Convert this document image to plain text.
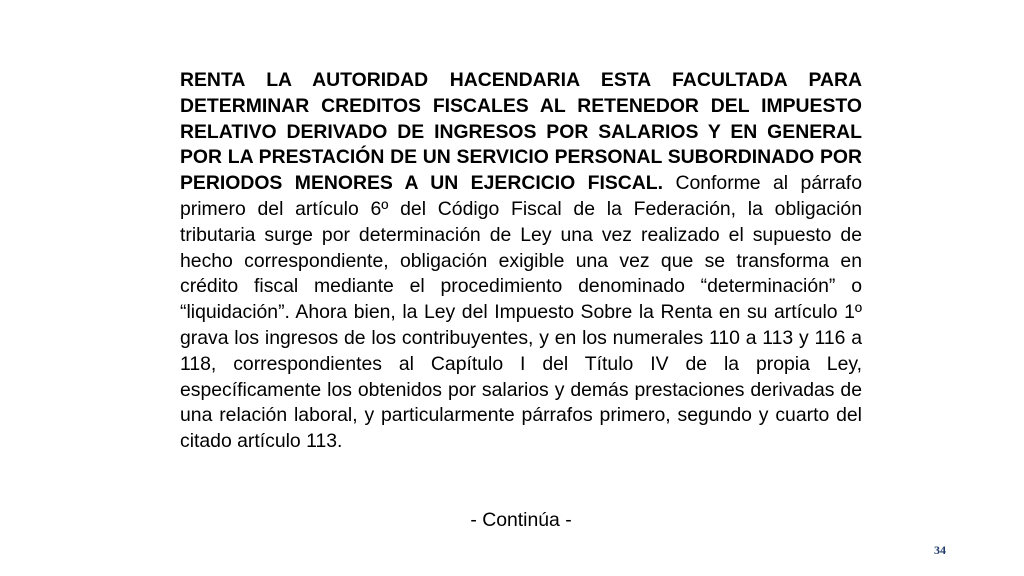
RENTA LA AUTORIDAD HACENDARIA ESTA FACULTADA PARA DETERMINAR CREDITOS FISCALES AL RETENEDOR DEL IMPUESTO RELATIVO DERIVADO DE INGRESOS POR SALARIOS Y EN GENERAL POR LA PRESTACIÓN DE UN SERVICIO PERSONAL SUBORDINADO POR PERIODOS MENORES A UN EJERCICIO FISCAL. Conforme al párrafo primero del artículo 6º del Código Fiscal de la Federación, la obligación tributaria surge por determinación de Ley una vez realizado el supuesto de hecho correspondiente, obligación exigible una vez que se transforma en crédito fiscal mediante el procedimiento denominado “determinación” o “liquidación”. Ahora bien, la Ley del Impuesto Sobre la Renta en su artículo 1º grava los ingresos de los contribuyentes, y en los numerales 110 a 113 y 116 a 118, correspondientes al Capítulo I del Título IV de la propia Ley, específicamente los obtenidos por salarios y demás prestaciones derivadas de una relación laboral, y particularmente párrafos primero, segundo y cuarto del citado artículo 113.

- Continúa -
34
